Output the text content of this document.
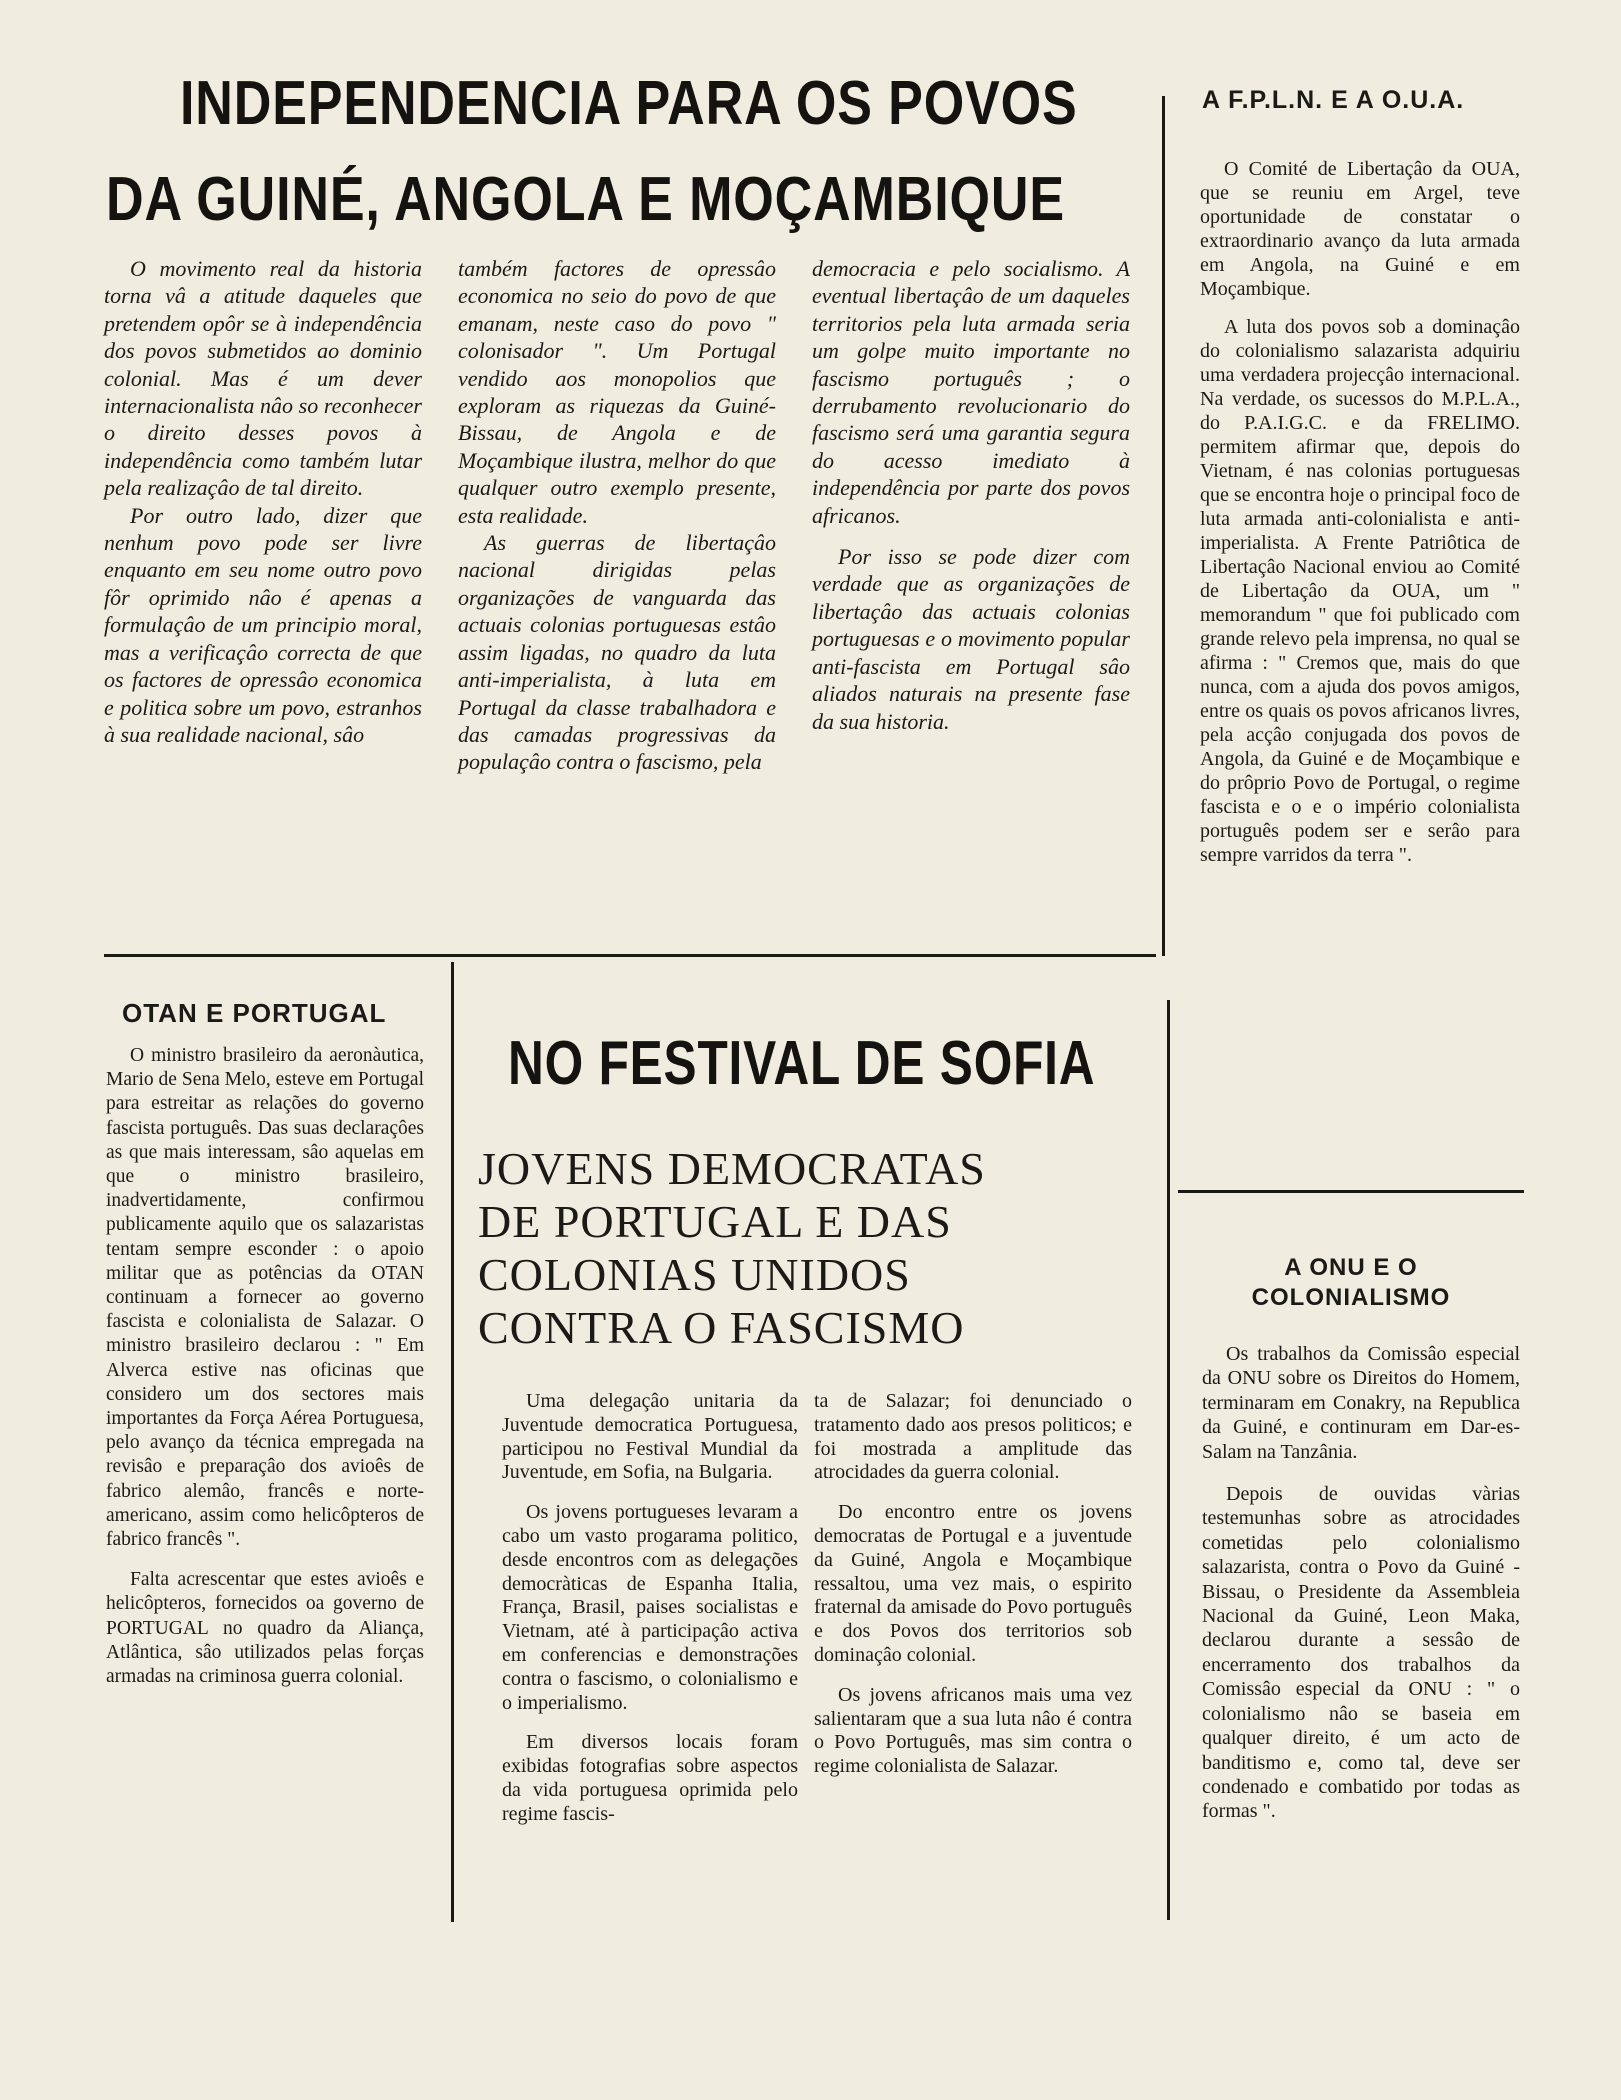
INDEPENDENCIA PARA OS POVOS
DA GUINÉ, ANGOLA E MOÇAMBIQUE

O movimento real da historia torna vâ a atitude daqueles que pretendem opôr se à independência dos povos submetidos ao dominio colonial. Mas é um dever internacionalista nâo so reconhecer o direito desses povos à independência como também lutar pela realizaçâo de tal direito.

Por outro lado, dizer que nenhum povo pode ser livre enquanto em seu nome outro povo fôr oprimido nâo é apenas a formulaçâo de um principio moral, mas a verificaçâo correcta de que os factores de opressâo economica e politica sobre um povo, estranhos à sua realidade nacional, sâo

também factores de opressâo economica no seio do povo de que emanam, neste caso do povo " colonisador ". Um Portugal vendido aos monopolios que exploram as riquezas da Guiné-Bissau, de Angola e de Moçambique ilustra, melhor do que qualquer outro exemplo presente, esta realidade.

As guerras de libertaçâo nacional dirigidas pelas organizações de vanguarda das actuais colonias portuguesas estâo assim ligadas, no quadro da luta anti-imperialista, à luta em Portugal da classe trabalhadora e das camadas progressivas da populaçâo contra o fascismo, pela

democracia e pelo socialismo. A eventual libertaçâo de um daqueles territorios pela luta armada seria um golpe muito importante no fascismo português ; o derrubamento revolucionario do fascismo será uma garantia segura do acesso imediato à independência por parte dos povos africanos.

Por isso se pode dizer com verdade que as organizações de libertaçâo das actuais colonias portuguesas e o movimento popular anti-fascista em Portugal sâo aliados naturais na presente fase da sua historia.

A F.P.L.N. E A O.U.A.

O Comité de Libertaçâo da OUA, que se reuniu em Argel, teve oportunidade de constatar o extraordinario avanço da luta armada em Angola, na Guiné e em Moçambique.

A luta dos povos sob a dominaçâo do colonialismo salazarista adquiriu uma verdadera projecçâo internacional. Na verdade, os sucessos do M.P.L.A., do P.A.I.G.C. e da FRELIMO. permitem afirmar que, depois do Vietnam, é nas colonias portuguesas que se encontra hoje o principal foco de luta armada anti-colonialista e anti-imperialista. A Frente Patriôtica de Libertaçâo Nacional enviou ao Comité de Libertaçâo da OUA, um " memorandum " que foi publicado com grande relevo pela imprensa, no qual se afirma : " Cremos que, mais do que nunca, com a ajuda dos povos amigos, entre os quais os povos africanos livres, pela acçâo conjugada dos povos de Angola, da Guiné e de Moçambique e do prôprio Povo de Portugal, o regime fascista e o e o império colonialista português podem ser e serâo para sempre varridos da terra ".

OTAN E PORTUGAL

O ministro brasileiro da aeronàutica, Mario de Sena Melo, esteve em Portugal para estreitar as relações do governo fascista português. Das suas declaraçôes as que mais interessam, sâo aquelas em que o ministro brasileiro, inadvertidamente, confirmou publicamente aquilo que os salazaristas tentam sempre esconder : o apoio militar que as potências da OTAN continuam a fornecer ao governo fascista e colonialista de Salazar. O ministro brasileiro declarou : " Em Alverca estive nas oficinas que considero um dos sectores mais importantes da Força Aérea Portuguesa, pelo avanço da técnica empregada na revisâo e preparaçâo dos avioês de fabrico alemâo, francês e norte-americano, assim como helicôpteros de fabrico francês ".

Falta acrescentar que estes avioês e helicôpteros, fornecidos oa governo de PORTUGAL no quadro da Aliança, Atlântica, sâo utilizados pelas forças armadas na criminosa guerra colonial.

NO FESTIVAL DE SOFIA
JOVENS DEMOCRATAS
DE PORTUGAL E DAS
COLONIAS UNIDOS
CONTRA O FASCISMO

Uma delegaçâo unitaria da Juventude democratica Portuguesa, participou no Festival Mundial da Juventude, em Sofia, na Bulgaria.

Os jovens portugueses levaram a cabo um vasto progarama politico, desde encontros com as delegações democràticas de Espanha Italia, França, Brasil, paises socialistas e Vietnam, até à participaçâo activa em conferencias e demonstrações contra o fascismo, o colonialismo e o imperialismo.

Em diversos locais foram exibidas fotografias sobre aspectos da vida portuguesa oprimida pelo regime fascis-

ta de Salazar; foi denunciado o tratamento dado aos presos politicos; e foi mostrada a amplitude das atrocidades da guerra colonial.

Do encontro entre os jovens democratas de Portugal e a juventude da Guiné, Angola e Moçambique ressaltou, uma vez mais, o espirito fraternal da amisade do Povo português e dos Povos dos territorios sob dominaçâo colonial.

Os jovens africanos mais uma vez salientaram que a sua luta nâo é contra o Povo Português, mas sim contra o regime colonialista de Salazar.

A ONU E O
COLONIALISMO

Os trabalhos da Comissâo especial da ONU sobre os Direitos do Homem, terminaram em Conakry, na Republica da Guiné, e continuram em Dar-es-Salam na Tanzânia.

Depois de ouvidas vàrias testemunhas sobre as atrocidades cometidas pelo colonialismo salazarista, contra o Povo da Guiné - Bissau, o Presidente da Assembleia Nacional da Guiné, Leon Maka, declarou durante a sessâo de encerramento dos trabalhos da Comissâo especial da ONU : " o colonialismo nâo se baseia em qualquer direito, é um acto de banditismo e, como tal, deve ser condenado e combatido por todas as formas ".
